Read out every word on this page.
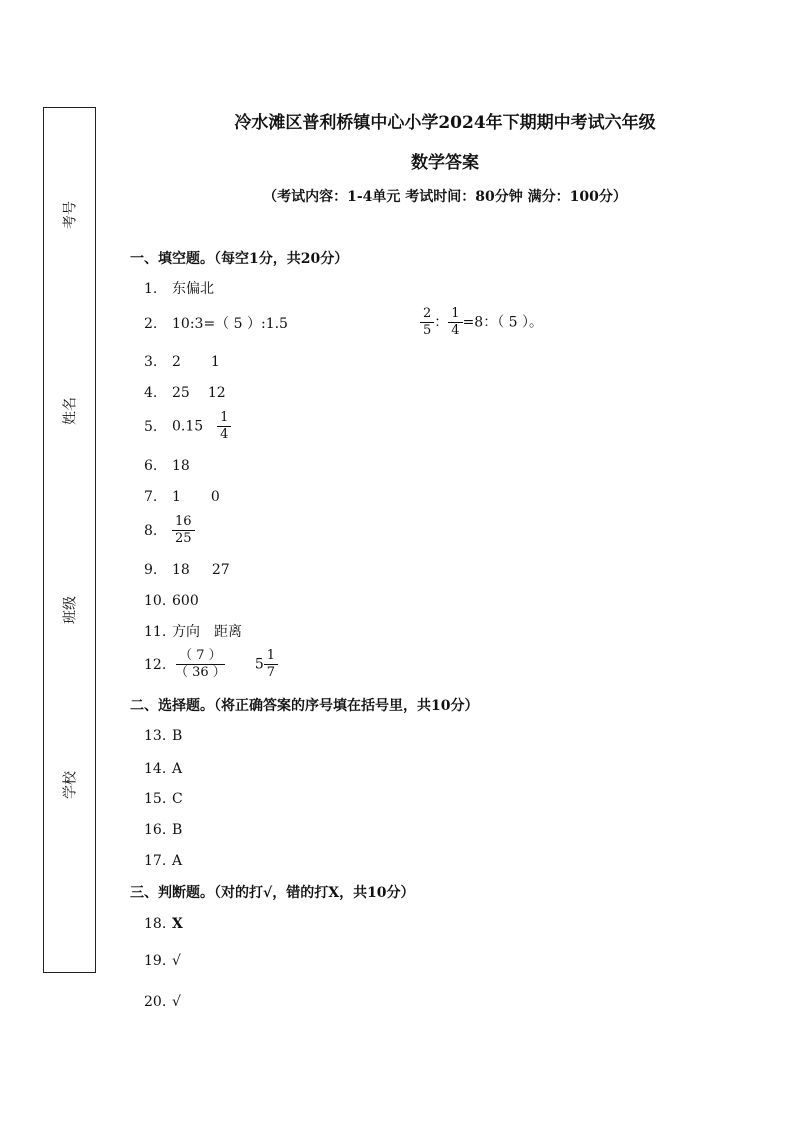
考号
姓名
班级
学校
冷水滩区普利桥镇中心小学2024年下期期中考试六年级
数学答案
（考试内容：1-4单元 考试时间：80分钟 满分：100分）
一、填空题。（每空1分，共20分）
1. 东偏北
2. 10:3=（ 5 ）:1.5	$\frac{2}{5}$ ： $\frac{1}{4} =8$：（ 5 ）。
3. 2 1
4. 25 12
5. $0.15 \frac{1}{4}$
6. 18
7. 1 0
8. $\frac{16}{25}$
9. 18 27
10. 600
11. 方向 距离
12. $\frac{( 7 )}{( 36 )} 5 \frac{1}{7}$
二、选择题。（将正确答案的序号填在括号里，共10分）
13. B
14. A
15. C
16. B
17. A
三、判断题。（对的打√，错的打X，共10分）
18. X
19. √
20. √
